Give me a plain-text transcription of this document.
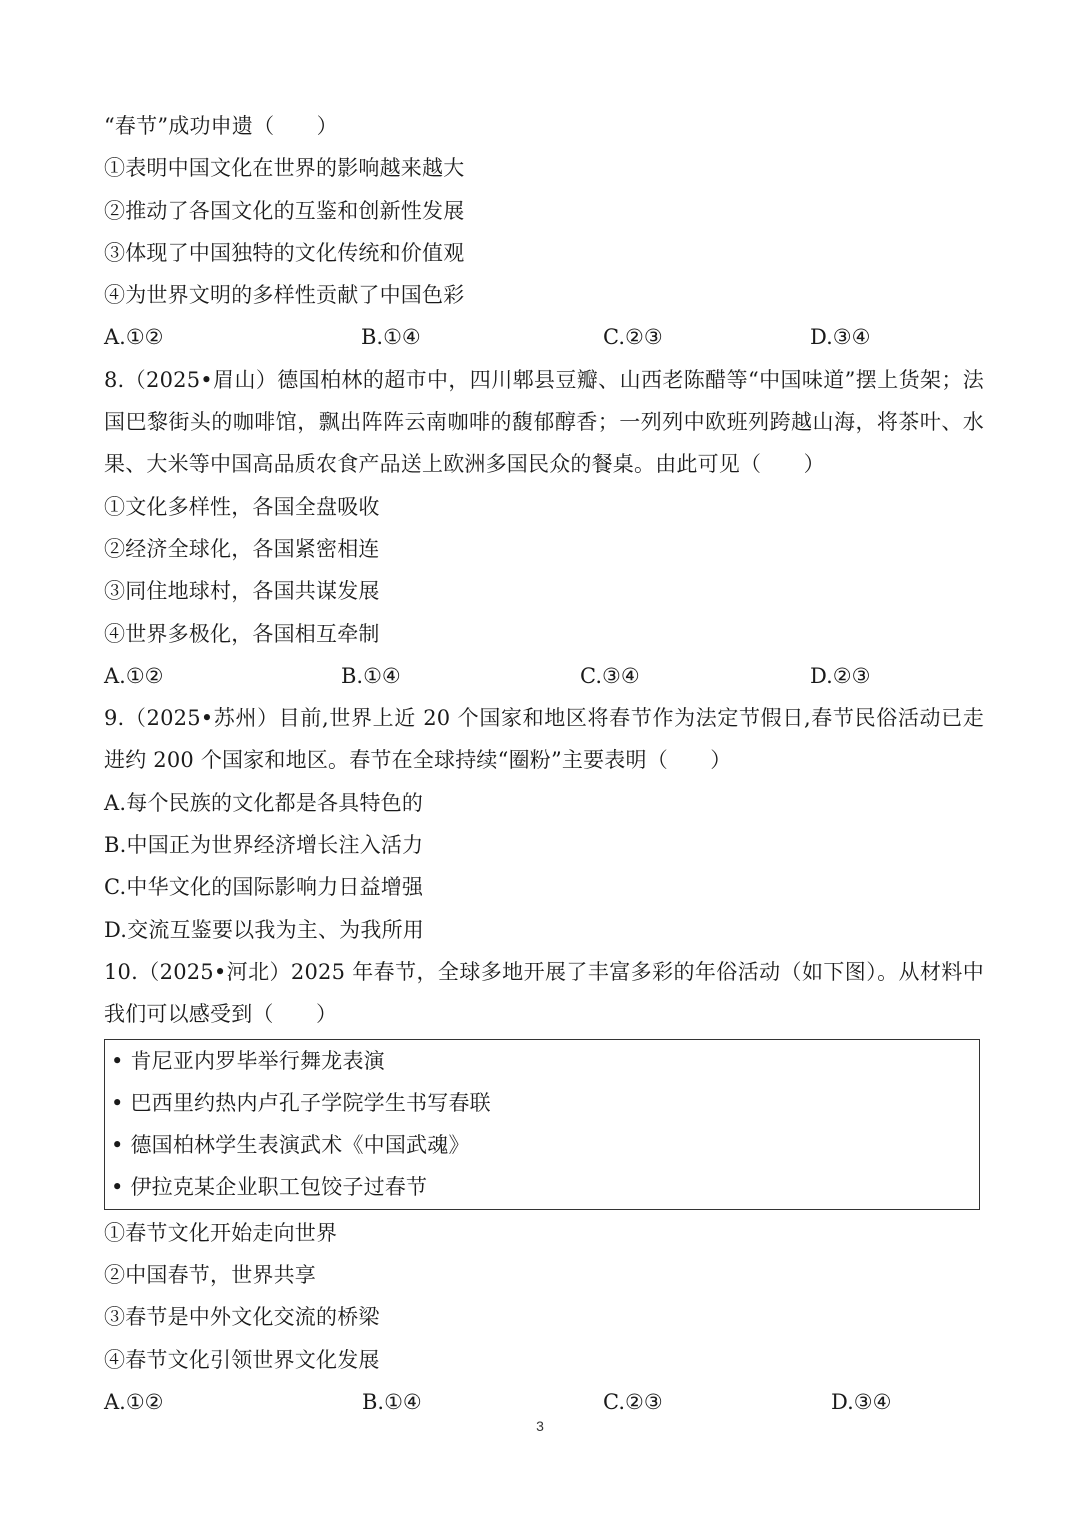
“春节”成功申遗（　　）
①表明中国文化在世界的影响越来越大
②推动了各国文化的互鉴和创新性发展
③体现了中国独特的文化传统和价值观
④为世界文明的多样性贡献了中国色彩
A.①②	B.①④	C.②③	D.③④
8.（2025•眉山）德国柏林的超市中，四川郫县豆瓣、山西老陈醋等“中国味道”摆上货架；法国巴黎街头的咖啡馆，飘出阵阵云南咖啡的馥郁醇香；一列列中欧班列跨越山海，将茶叶、水果、大米等中国高品质农食产品送上欧洲多国民众的餐桌。由此可见（　　）
①文化多样性，各国全盘吸收
②经济全球化，各国紧密相连
③同住地球村，各国共谋发展
④世界多极化，各国相互牵制
A.①②	B.①④	C.③④	D.②③
9.（2025•苏州）目前,世界上近 20 个国家和地区将春节作为法定节假日,春节民俗活动已走进约 200 个国家和地区。春节在全球持续“圈粉”主要表明（　　）
A.每个民族的文化都是各具特色的
B.中国正为世界经济增长注入活力
C.中华文化的国际影响力日益增强
D.交流互鉴要以我为主、为我所用
10.（2025•河北）2025 年春节，全球多地开展了丰富多彩的年俗活动（如下图）。从材料中我们可以感受到（　　）
• 肯尼亚内罗毕举行舞龙表演
• 巴西里约热内卢孔子学院学生书写春联
• 德国柏林学生表演武术《中国武魂》
• 伊拉克某企业职工包饺子过春节
①春节文化开始走向世界
②中国春节，世界共享
③春节是中外文化交流的桥梁
④春节文化引领世界文化发展
A.①②	B.①④	C.②③	D.③④
3
